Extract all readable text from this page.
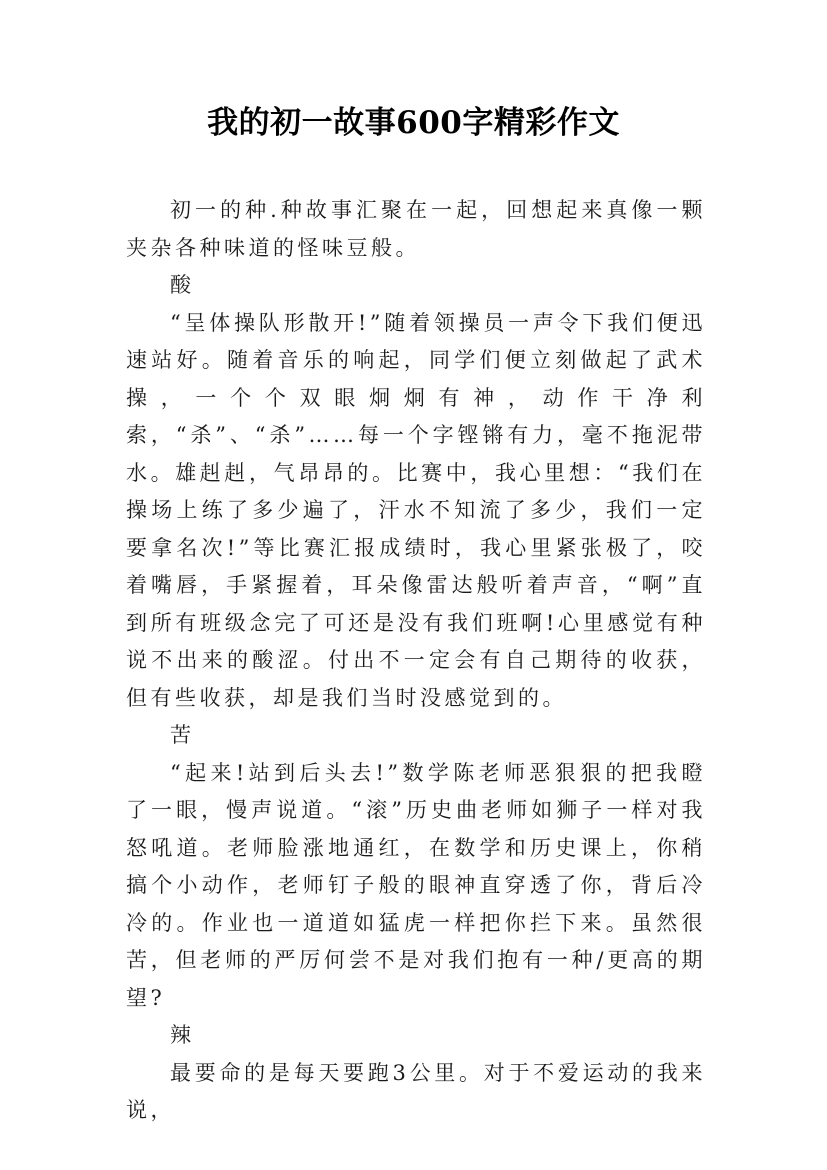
我的初一故事600字精彩作文

初一的种.种故事汇聚在一起，回想起来真像一颗夹杂各种味道的怪味豆般。

酸

“呈体操队形散开!”随着领操员一声令下我们便迅速站好。随着音乐的响起，同学们便立刻做起了武术操，一个个双眼炯炯有神，动作干净利索，“杀”、“杀”……每一个字铿锵有力，毫不拖泥带水。雄赳赳，气昂昂的。比赛中，我心里想：“我们在操场上练了多少遍了，汗水不知流了多少，我们一定要拿名次!”等比赛汇报成绩时，我心里紧张极了，咬着嘴唇，手紧握着，耳朵像雷达般听着声音，“啊”直到所有班级念完了可还是没有我们班啊!心里感觉有种说不出来的酸涩。付出不一定会有自己期待的收获，但有些收获，却是我们当时没感觉到的。

苦

“起来!站到后头去!”数学陈老师恶狠狠的把我瞪了一眼，慢声说道。“滚”历史曲老师如狮子一样对我怒吼道。老师脸涨地通红，在数学和历史课上，你稍搞个小动作，老师钉子般的眼神直穿透了你，背后冷冷的。作业也一道道如猛虎一样把你拦下来。虽然很苦，但老师的严厉何尝不是对我们抱有一种/更高的期望?

辣

最要命的是每天要跑3公里。对于不爱运动的我来说，
